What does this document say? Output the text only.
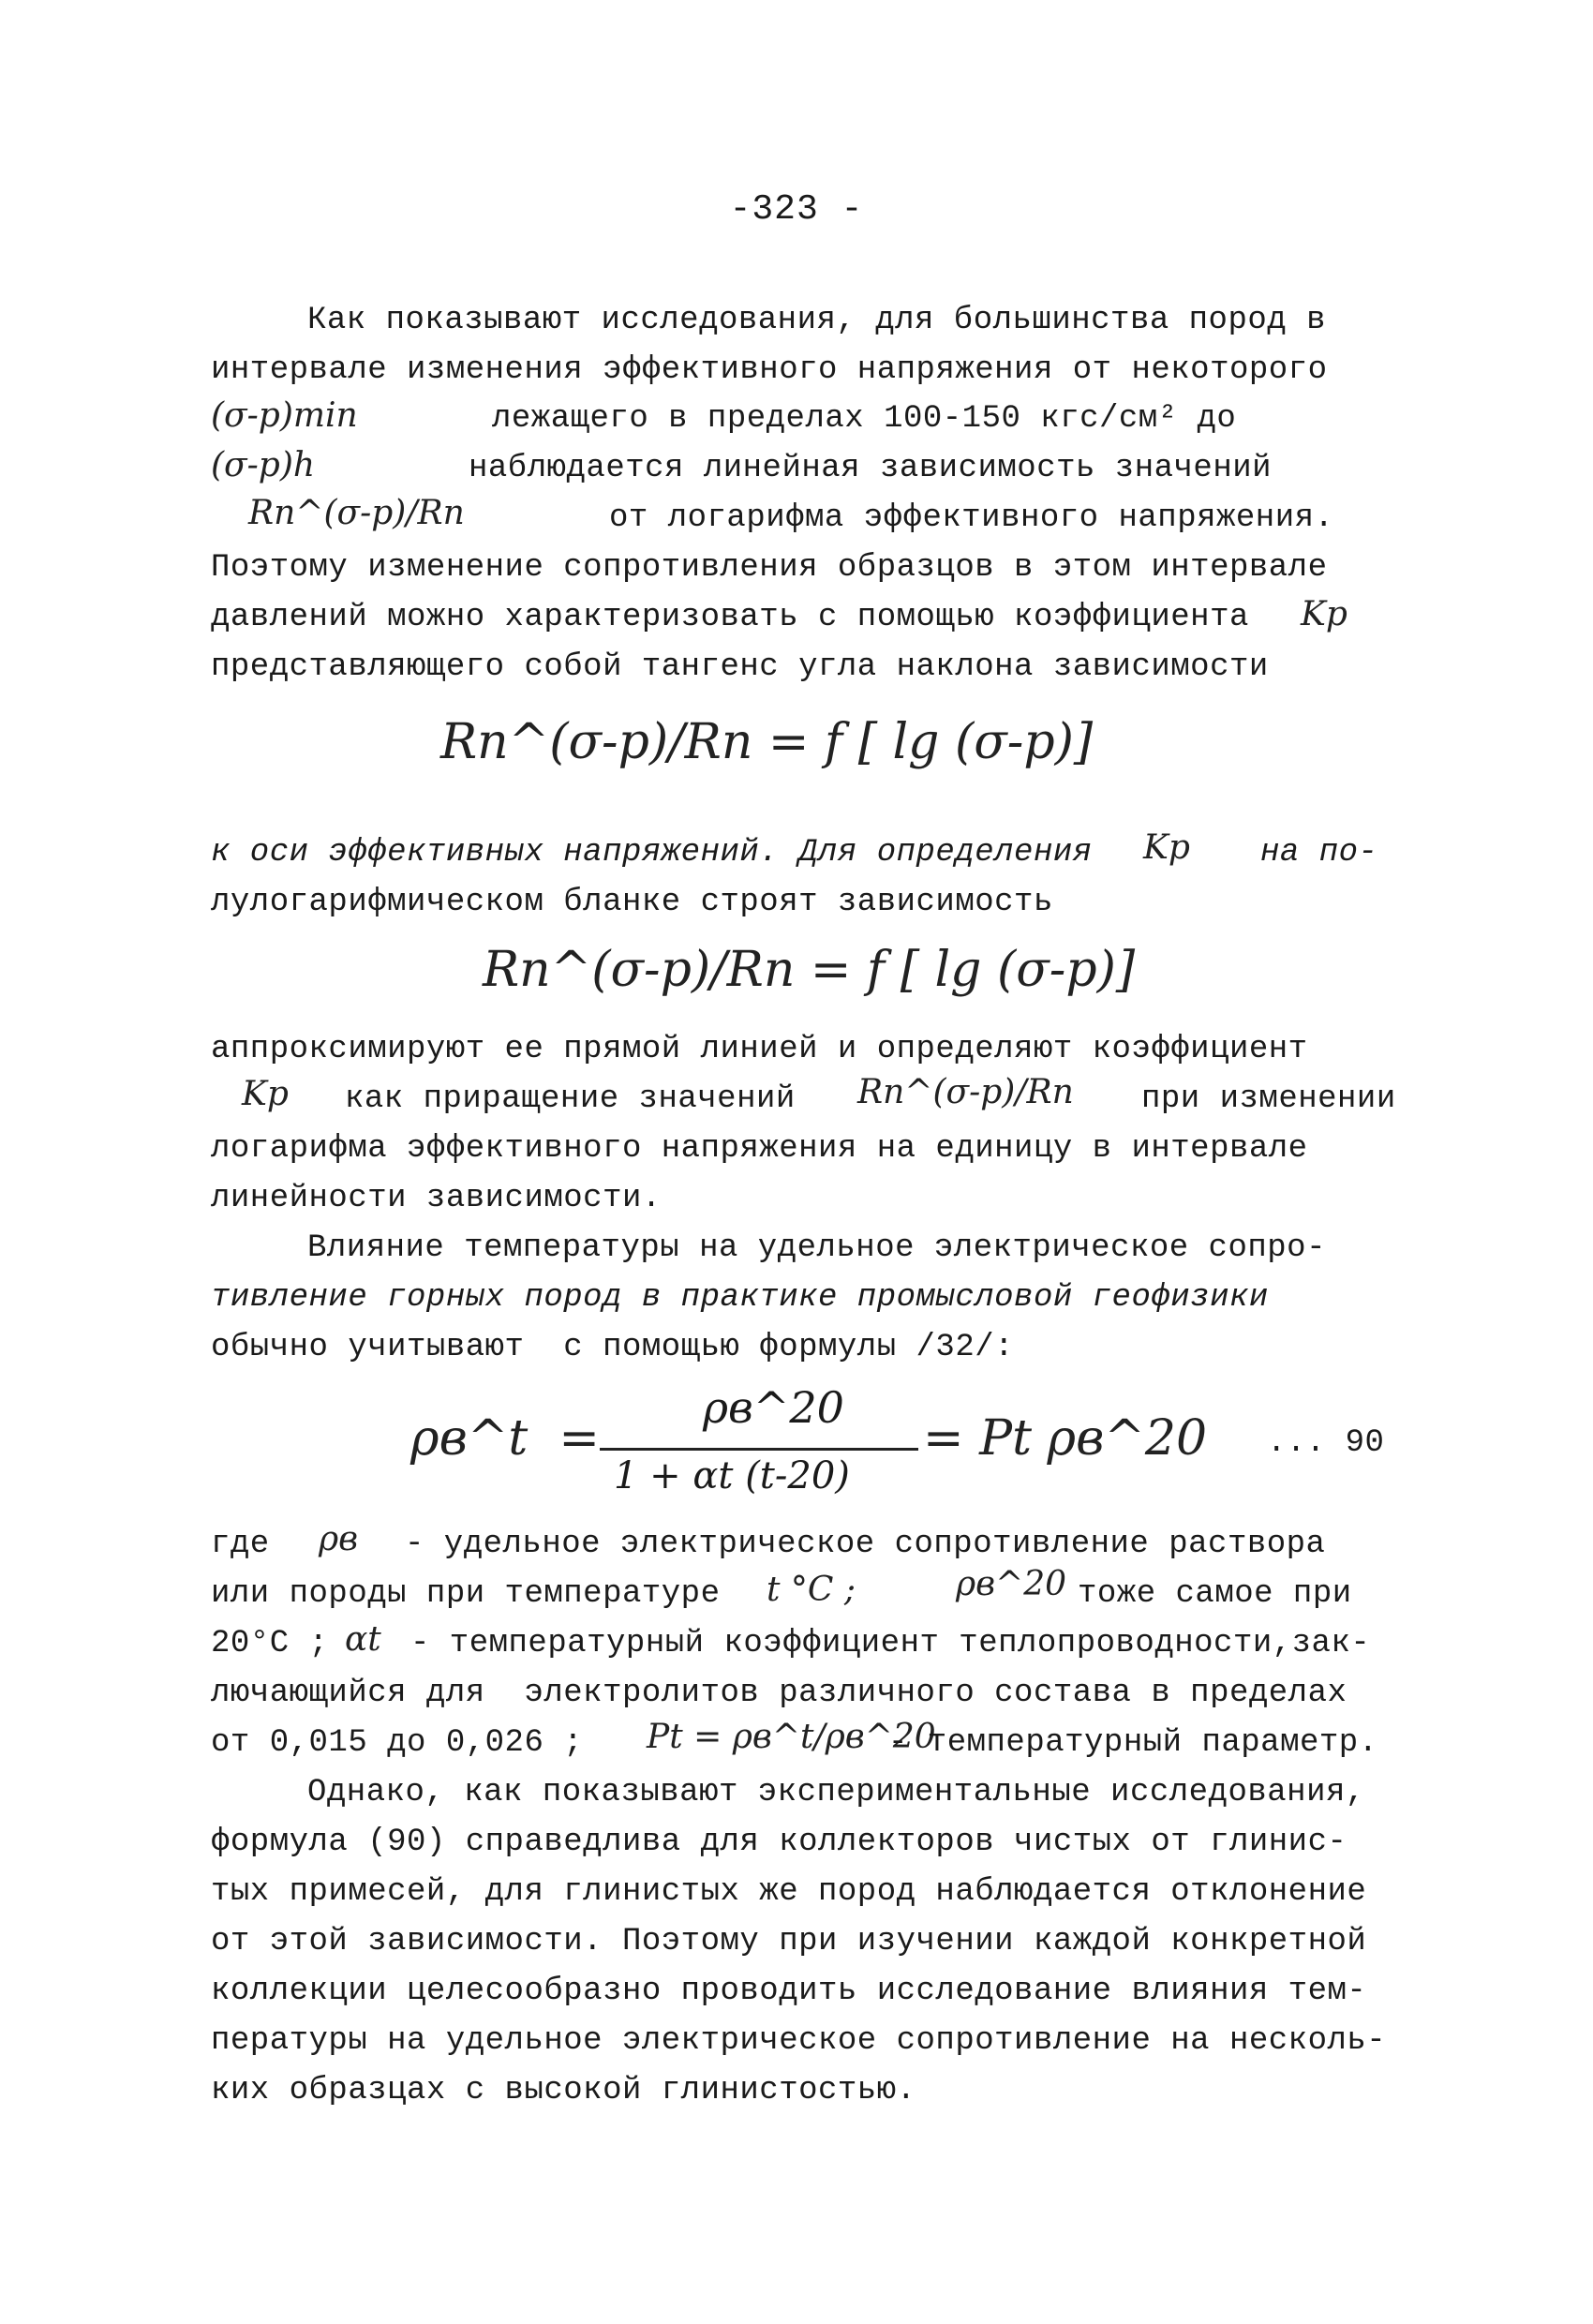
-323 -
Как показывают исследования, для большинства пород в
интервале изменения эффективного напряжения от некоторого
(σ-p)min	лежащего в пределах 100-150 кгс/см² до
(σ-p)h	наблюдается линейная зависимость значений
Rп^(σ-p)/Rп	от логарифма эффективного напряжения.
Поэтому изменение сопротивления образцов в этом интервале
давлений можно характеризовать с помощью коэффициента Kp
представляющего собой тангенс угла наклона зависимости
Rп^(σ-p)/Rп = f [ lg (σ-p)]
к оси эффективных напряжений. Для определения Kp на по-
лулогарифмическом бланке строят зависимость
Rп^(σ-p)/Rп = f [ lg (σ-p)]
аппроксимируют ее прямой линией и определяют коэффициент
Kp как приращение значений Rп^(σ-p)/Rп при изменении
логарифма эффективного напряжения на единицу в интервале
линейности зависимости.
Влияние температуры на удельное электрическое сопро-
тивление горных пород в практике промысловой геофизики
обычно учитывают  с помощью формулы /32/:
ρв^t  =
ρв^20
1 + αt (t-20)
= Pt ρв^20 ... 90
где ρв - удельное электрическое сопротивление раствора
или породы при температуре t °C ;	ρв^20 тоже самое при
20°C ; αt - температурный коэффициент теплопроводности,зак-
лючающийся для  электролитов различного состава в пределах
от 0,015 до 0,026 ; Pt = ρв^t/ρв^20
- температурный параметр.
Однако, как показывают экспериментальные исследования,
формула (90) справедлива для коллекторов чистых от глинис-
тых примесей, для глинистых же пород наблюдается отклонение
от этой зависимости. Поэтому при изучении каждой конкретной
коллекции целесообразно проводить исследование влияния тем-
пературы на удельное электрическое сопротивление на несколь-
ких образцах с высокой глинистостью.
